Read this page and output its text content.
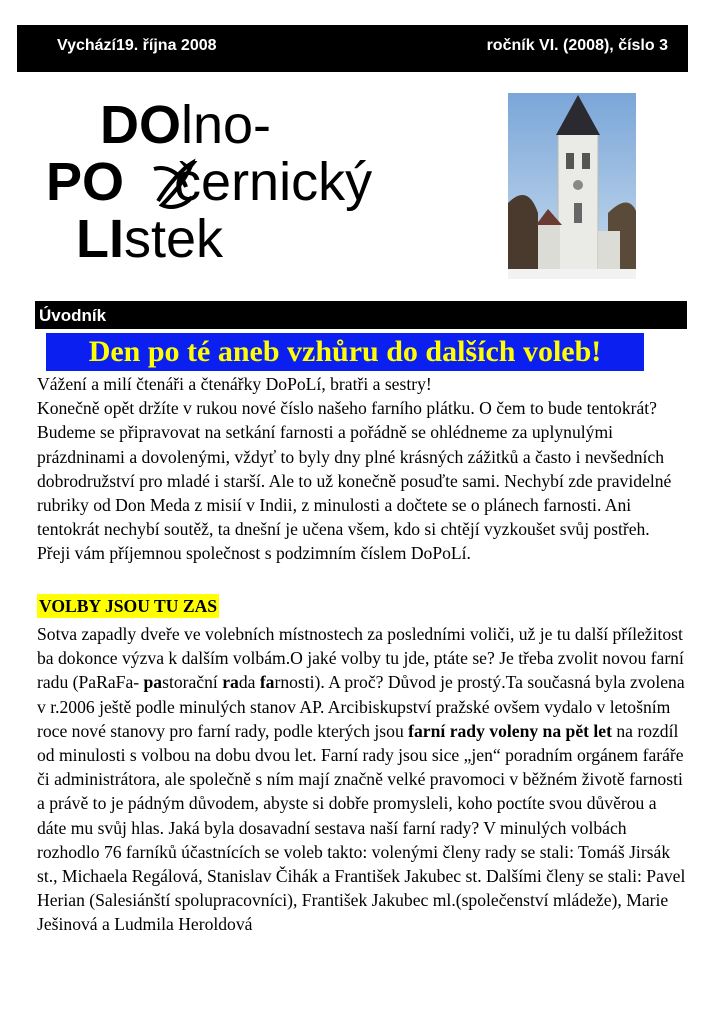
Vychází19. října 2008	ročník VI. (2008), číslo 3
DOlno-
PO černický
LIstek
Úvodník
Den po té aneb vzhůru do dalších voleb!

Vážení a milí čtenáři a čtenářky DoPoLí, bratři a sestry!

Konečně opět držíte v rukou nové číslo našeho farního plátku. O čem to bude tentokrát? Budeme se připravovat na setkání farnosti a pořádně se ohlédneme za uplynulými prázdninami a dovolenými, vždyť to byly dny plné krásných zážitků a často i nevšedních dobrodružství pro mladé i starší. Ale to už konečně posuďte sami. Nechybí zde pravidelné rubriky od Don Meda z misií v Indii, z minulosti a dočtete se o plánech farnosti. Ani tentokrát nechybí soutěž, ta dnešní je učena všem, kdo si chtějí vyzkoušet svůj postřeh. Přeji vám příjemnou společnost s podzimním číslem DoPoLí.

VOLBY JSOU TU ZAS

Sotva zapadly dveře ve volebních místnostech za posledními voliči, už je tu další příležitost ba dokonce výzva k dalším volbám.O jaké volby tu jde, ptáte se? Je třeba zvolit novou farní radu (PaRaFa- pastorační rada farnosti). A proč? Důvod je prostý.Ta současná byla zvolena v r.2006 ještě podle minulých stanov AP. Arcibiskupství pražské ovšem vydalo v letošním roce nové stanovy pro farní rady, podle kterých jsou farní rady voleny na pět let na rozdíl od minulosti s volbou na dobu dvou let. Farní rady jsou sice „jen“ poradním orgánem faráře či administrátora, ale společně s ním mají značně velké pravomoci v běžném životě farnosti a právě to je pádným důvodem, abyste si dobře promysleli, koho poctíte svou důvěrou a dáte mu svůj hlas. Jaká byla dosavadní sestava naší farní rady? V minulých volbách rozhodlo 76 farníků účastnících se voleb takto: volenými členy rady se stali: Tomáš Jirsák st., Michaela Regálová, Stanislav Čihák a František Jakubec st. Dalšími členy se stali: Pavel Herian (Salesiánští spolupracovníci), František Jakubec ml.(společenství mládeže), Marie Ješinová a Ludmila Heroldová
